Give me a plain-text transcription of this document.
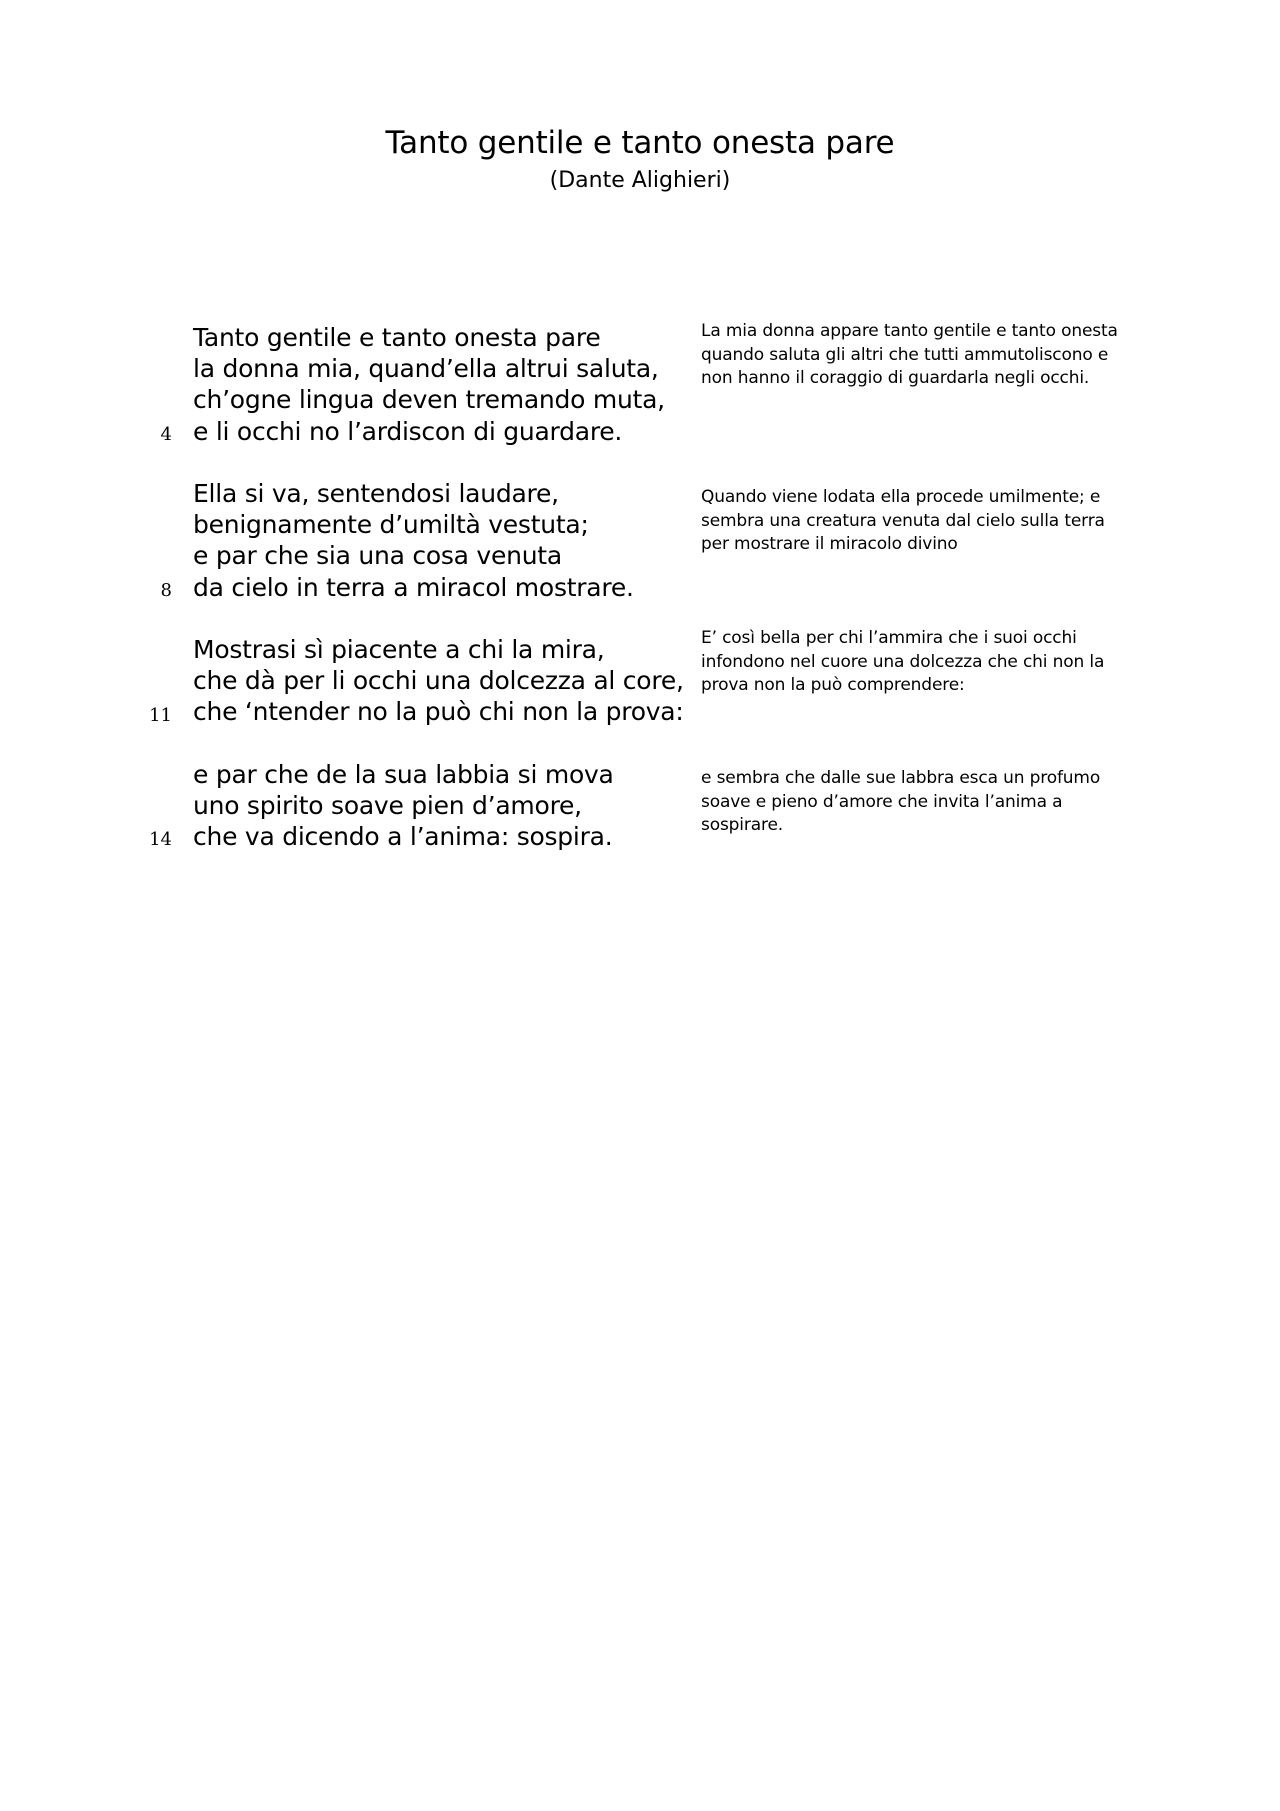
Tanto gentile e tanto onesta pare
(Dante Alighieri)
Tanto gentile e tanto onesta pare
la donna mia, quand’ella altrui saluta,
ch’ogne lingua deven tremando muta,
e li occhi no l’ardiscon di guardare.
4
La mia donna appare tanto gentile e tanto onesta quando saluta gli altri che tutti ammutoliscono e non hanno il coraggio di guardarla negli occhi.
Ella si va, sentendosi laudare,
benignamente d’umiltà vestuta;
e par che sia una cosa venuta
da cielo in terra a miracol mostrare.
8
Quando viene lodata ella procede umilmente; e sembra una creatura venuta dal cielo sulla terra per mostrare il miracolo divino
Mostrasi sì piacente a chi la mira,
che dà per li occhi una dolcezza al core,
che ‘ntender no la può chi non la prova:
11
E’ così bella per chi l’ammira che i suoi occhi infondono nel cuore una dolcezza che chi non la prova non la può comprendere:
e par che de la sua labbia si mova
uno spirito soave pien d’amore,
che va dicendo a l’anima: sospira.
14
e sembra che dalle sue labbra esca un profumo soave e pieno d’amore che invita l’anima a sospirare.
